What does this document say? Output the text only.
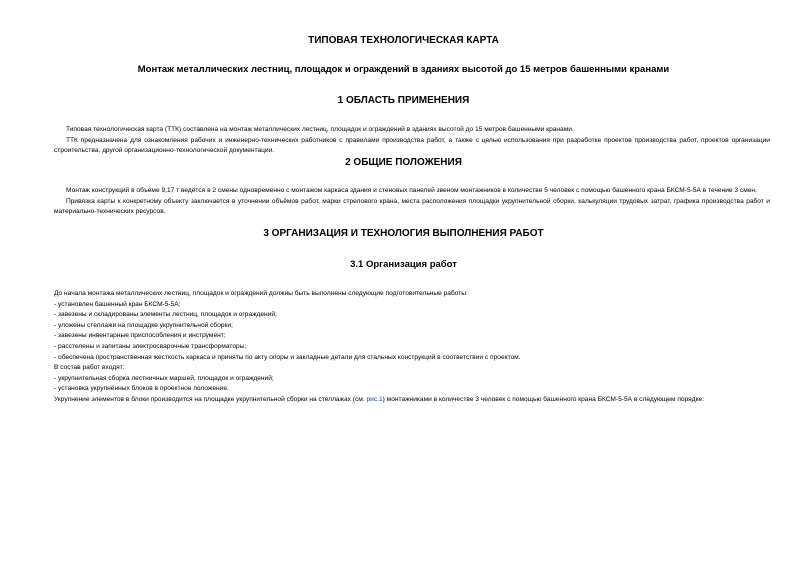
ТИПОВАЯ ТЕХНОЛОГИЧЕСКАЯ КАРТА
Монтаж металлических лестниц, площадок и ограждений в зданиях высотой до 15 метров башенными кранами
1 ОБЛАСТЬ ПРИМЕНЕНИЯ

Типовая технологическая карта (ТТК) составлена на монтаж металлических лестниц, площадок и ограждений в зданиях высотой до 15 метров башенными кранами.

ТТК предназначена для ознакомления рабочих и инженерно-технических работников с правилами производства работ, а также с целью использования при разработке проектов производства работ, проектов организации строительства, другой организационно-технологической документации.

2 ОБЩИЕ ПОЛОЖЕНИЯ

Монтаж конструкций в объёме 9,17 т ведётся в 2 смены одновременно с монтажом каркаса здания и стеновых панелей звеном монтажников в количестве 5 человек с помощью башенного крана БКСМ-5-5А в течение 3 смен.

Привязка карты к конкретному объекту заключается в уточнении объёмов работ, марки стрелового крана, места расположения площадки укрупнительной сборки, калькуляции трудовых затрат, графика производства работ и материально-технических ресурсов.

3 ОРГАНИЗАЦИЯ И ТЕХНОЛОГИЯ ВЫПОЛНЕНИЯ РАБОТ
3.1 Организация работ

До начала монтажа металлических лестниц, площадок и ограждений должны быть выполнены следующие подготовительные работы:

- установлен башенный кран БКСМ-5-5А;

- завезены и складированы элементы лестниц, площадок и ограждений;

- уложены стеллажи на площадке укрупнительной сборки;

- завезены инвентарные приспособления и инструмент;

- расстелены и запитаны электросварочные трансформаторы;

- обеспечена пространственная жесткость каркаса и приняты по акту опоры и закладные детали для стальных конструкций в соответствии с проектом.

В состав работ входят:

- укрупнительная сборка лестничных маршей, площадок и ограждений;

- установка укрупнённых блоков в проектное положение.

Укрупнение элементов в блоки производится на площадке укрупнительной сборки на стеллажах (см. рис.1) монтажниками в количестве 3 человек с помощью башенного крана БКСМ-5-5А в следующем порядке:
